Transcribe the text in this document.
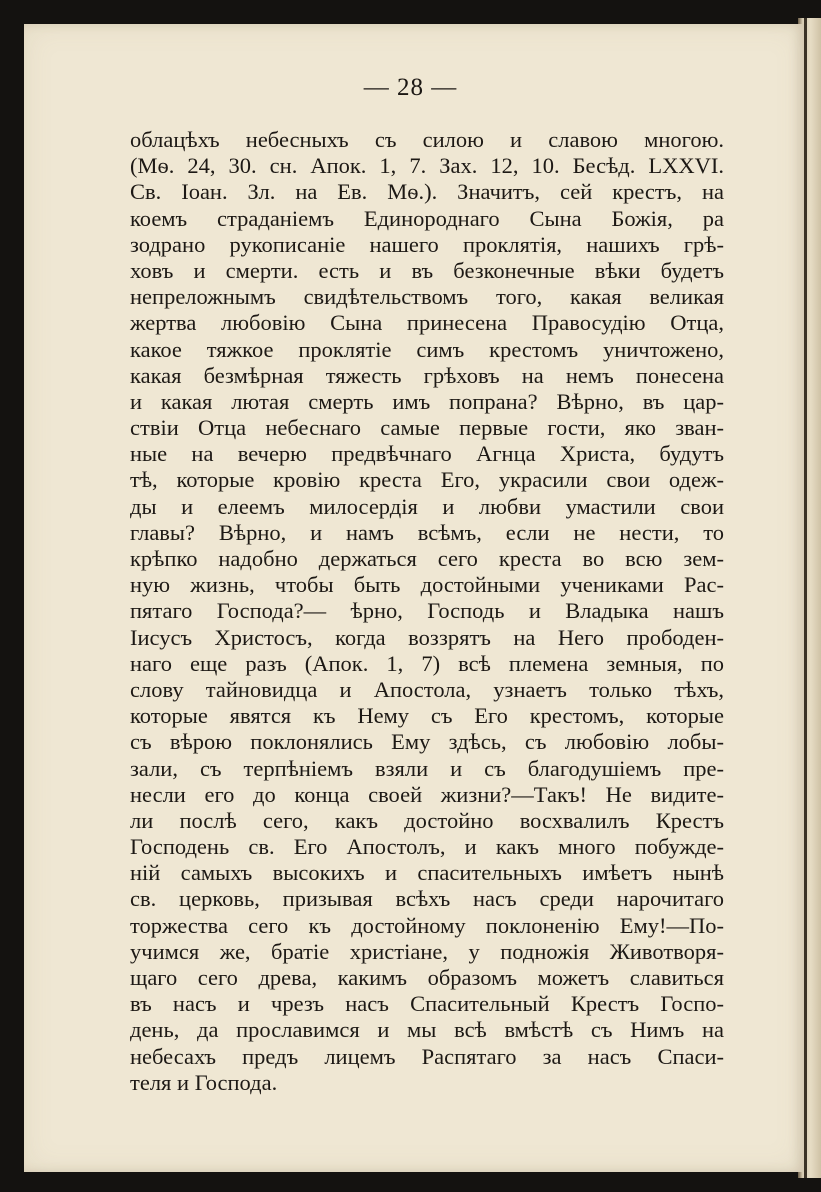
— 28 —
облацѣхъ небесныхъ съ силою и славою многою.
(Мѳ. 24, 30. сн. Апок. 1, 7. Зах. 12, 10. Бесѣд. LXXVI.
Св. Іоан. Зл. на Ев. Мѳ.). Значитъ, сей крестъ, на
коемъ страданіемъ Единороднаго Сына Божія, ра
зодрано рукописаніе нашего проклятія, нашихъ грѣ-
ховъ и смерти. есть и въ безконечные вѣки будетъ
непреложнымъ свидѣтельствомъ того, какая великая
жертва любовію Сына принесена Правосудію Отца,
какое тяжкое проклятіе симъ крестомъ уничтожено,
какая безмѣрная тяжесть грѣховъ на немъ понесена
и какая лютая смерть имъ попрана? Вѣрно, въ цар-
ствіи Отца небеснаго самые первые гости, яко зван-
ные на вечерю предвѣчнаго Агнца Христа, будутъ
тѣ, которые кровію креста Его, украсили свои одеж-
ды и елеемъ милосердія и любви умастили свои
главы? Вѣрно, и намъ всѣмъ, если не нести, то
крѣпко надобно держаться сего креста во всю зем-
ную жизнь, чтобы быть достойными учениками Рас-
пятаго Господа?— ѣрно, Господь и Владыка нашъ
Іисусъ Христосъ, когда воззрятъ на Него прободен-
наго еще разъ (Апок. 1, 7) всѣ племена земныя, по
слову тайновидца и Апостола, узнаетъ только тѣхъ,
которые явятся къ Нему съ Его крестомъ, которые
съ вѣрою поклонялись Ему здѣсь, съ любовію лобы-
зали, съ терпѣніемъ взяли и съ благодушіемъ пре-
несли его до конца своей жизни?—Такъ! Не видите-
ли послѣ сего, какъ достойно восхвалилъ Крестъ
Господень св. Его Апостолъ, и какъ много побужде-
ній самыхъ высокихъ и спасительныхъ имѣетъ нынѣ
св. церковь, призывая всѣхъ насъ среди нарочитаго
торжества сего къ достойному поклоненію Ему!—По-
учимся же, братіе христіане, у подножія Животворя-
щаго сего древа, какимъ образомъ можетъ славиться
въ насъ и чрезъ насъ Спасительный Крестъ Госпо-
день, да прославимся и мы всѣ вмѣстѣ съ Нимъ на
небесахъ предъ лицемъ Распятаго за насъ Спаси-
теля и Господа.
